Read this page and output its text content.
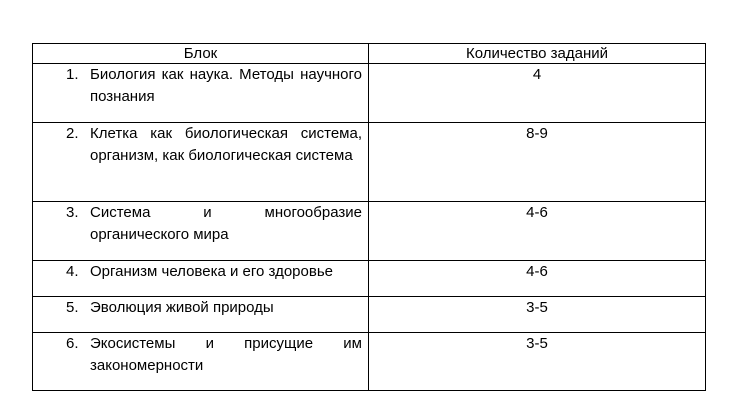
Блок	Количество заданий

1. Биология как наука. Методы научного познания	4

2. Клетка как биологическая система, организм, как биологическая система	8-9

3. Система и многообразие органического мира	4-6

4. Организм человека и его здоровье	4-6

5. Эволюция живой природы	3-5

6. Экосистемы и присущие им закономерности	3-5
